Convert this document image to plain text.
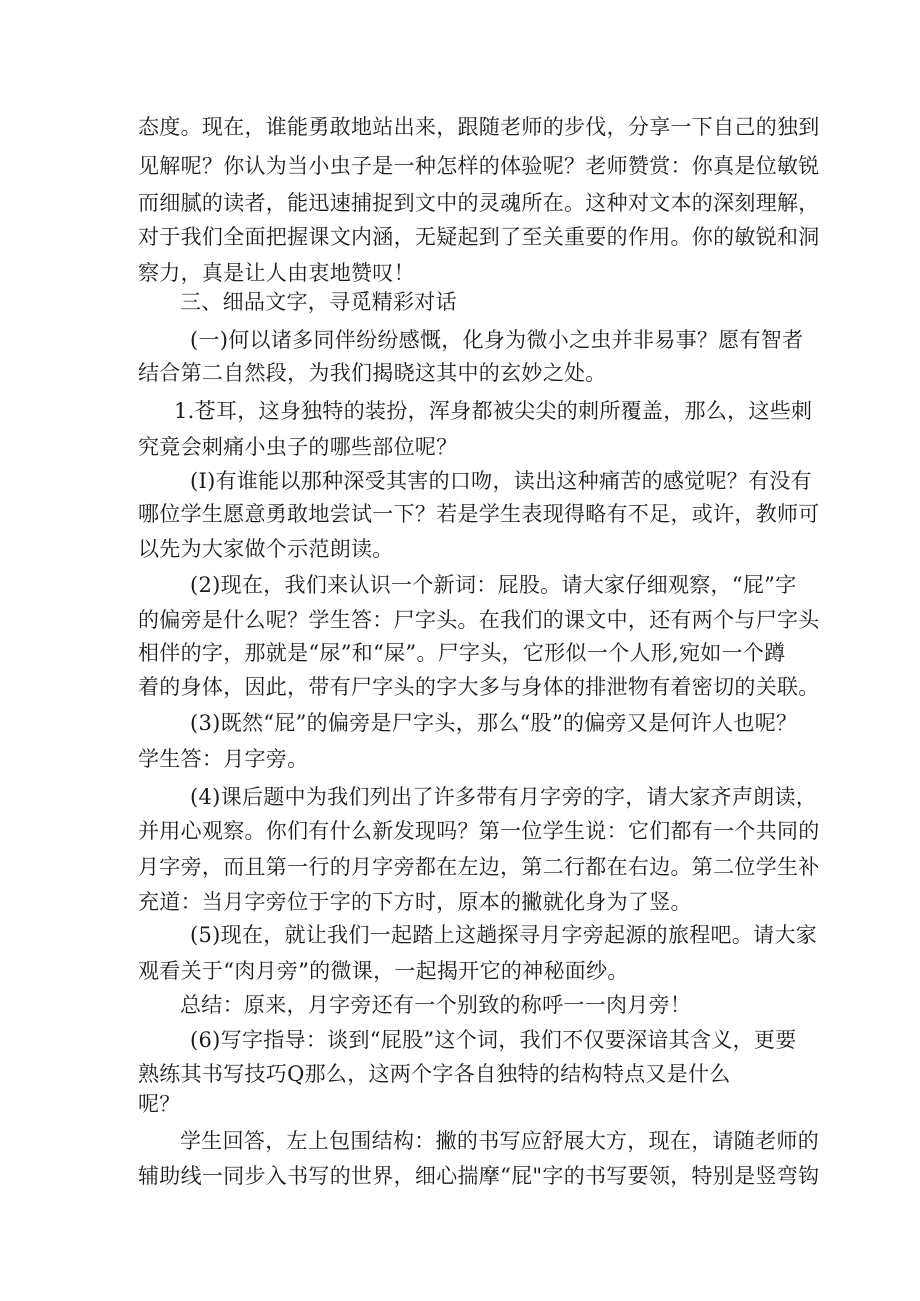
态度。现在，谁能勇敢地站出来，跟随老师的步伐，分享一下自己的独到
见解呢？你认为当小虫子是一种怎样的体验呢？老师赞赏：你真是位敏锐
而细腻的读者，能迅速捕捉到文中的灵魂所在。这种对文本的深刻理解，
对于我们全面把握课文内涵，无疑起到了至关重要的作用。你的敏锐和洞
察力，真是让人由衷地赞叹！
三、细品文字，寻觅精彩对话
(一)何以诸多同伴纷纷感慨，化身为微小之虫并非易事？愿有智者
结合第二自然段，为我们揭晓这其中的玄妙之处。
1.苍耳，这身独特的装扮，浑身都被尖尖的刺所覆盖，那么，这些刺
究竟会刺痛小虫子的哪些部位呢？
(I)有谁能以那种深受其害的口吻，读出这种痛苦的感觉呢？有没有
哪位学生愿意勇敢地尝试一下？若是学生表现得略有不足，或许，教师可
以先为大家做个示范朗读。
(2)现在，我们来认识一个新词：屁股。请大家仔细观察，“屁”字
的偏旁是什么呢？学生答：尸字头。在我们的课文中，还有两个与尸字头
相伴的字，那就是“尿”和“屎”。尸字头，它形似一个人形,宛如一个蹲
着的身体，因此，带有尸字头的字大多与身体的排泄物有着密切的关联。
(3)既然“屁”的偏旁是尸字头，那么“股”的偏旁又是何许人也呢？
学生答：月字旁。
(4)课后题中为我们列出了许多带有月字旁的字，请大家齐声朗读，
并用心观察。你们有什么新发现吗？第一位学生说：它们都有一个共同的
月字旁，而且第一行的月字旁都在左边，第二行都在右边。第二位学生补
充道：当月字旁位于字的下方时，原本的撇就化身为了竖。
(5)现在，就让我们一起踏上这趟探寻月字旁起源的旅程吧。请大家
观看关于“肉月旁”的微课，一起揭开它的神秘面纱。
总结：原来，月字旁还有一个别致的称呼一一肉月旁！
(6)写字指导：谈到“屁股”这个词，我们不仅要深谙其含义，更要
熟练其书写技巧Q那么，这两个字各自独特的结构特点又是什么
呢？
学生回答，左上包围结构：撇的书写应舒展大方，现在，请随老师的
辅助线一同步入书写的世界，细心揣摩“屁"字的书写要领，特别是竖弯钩
